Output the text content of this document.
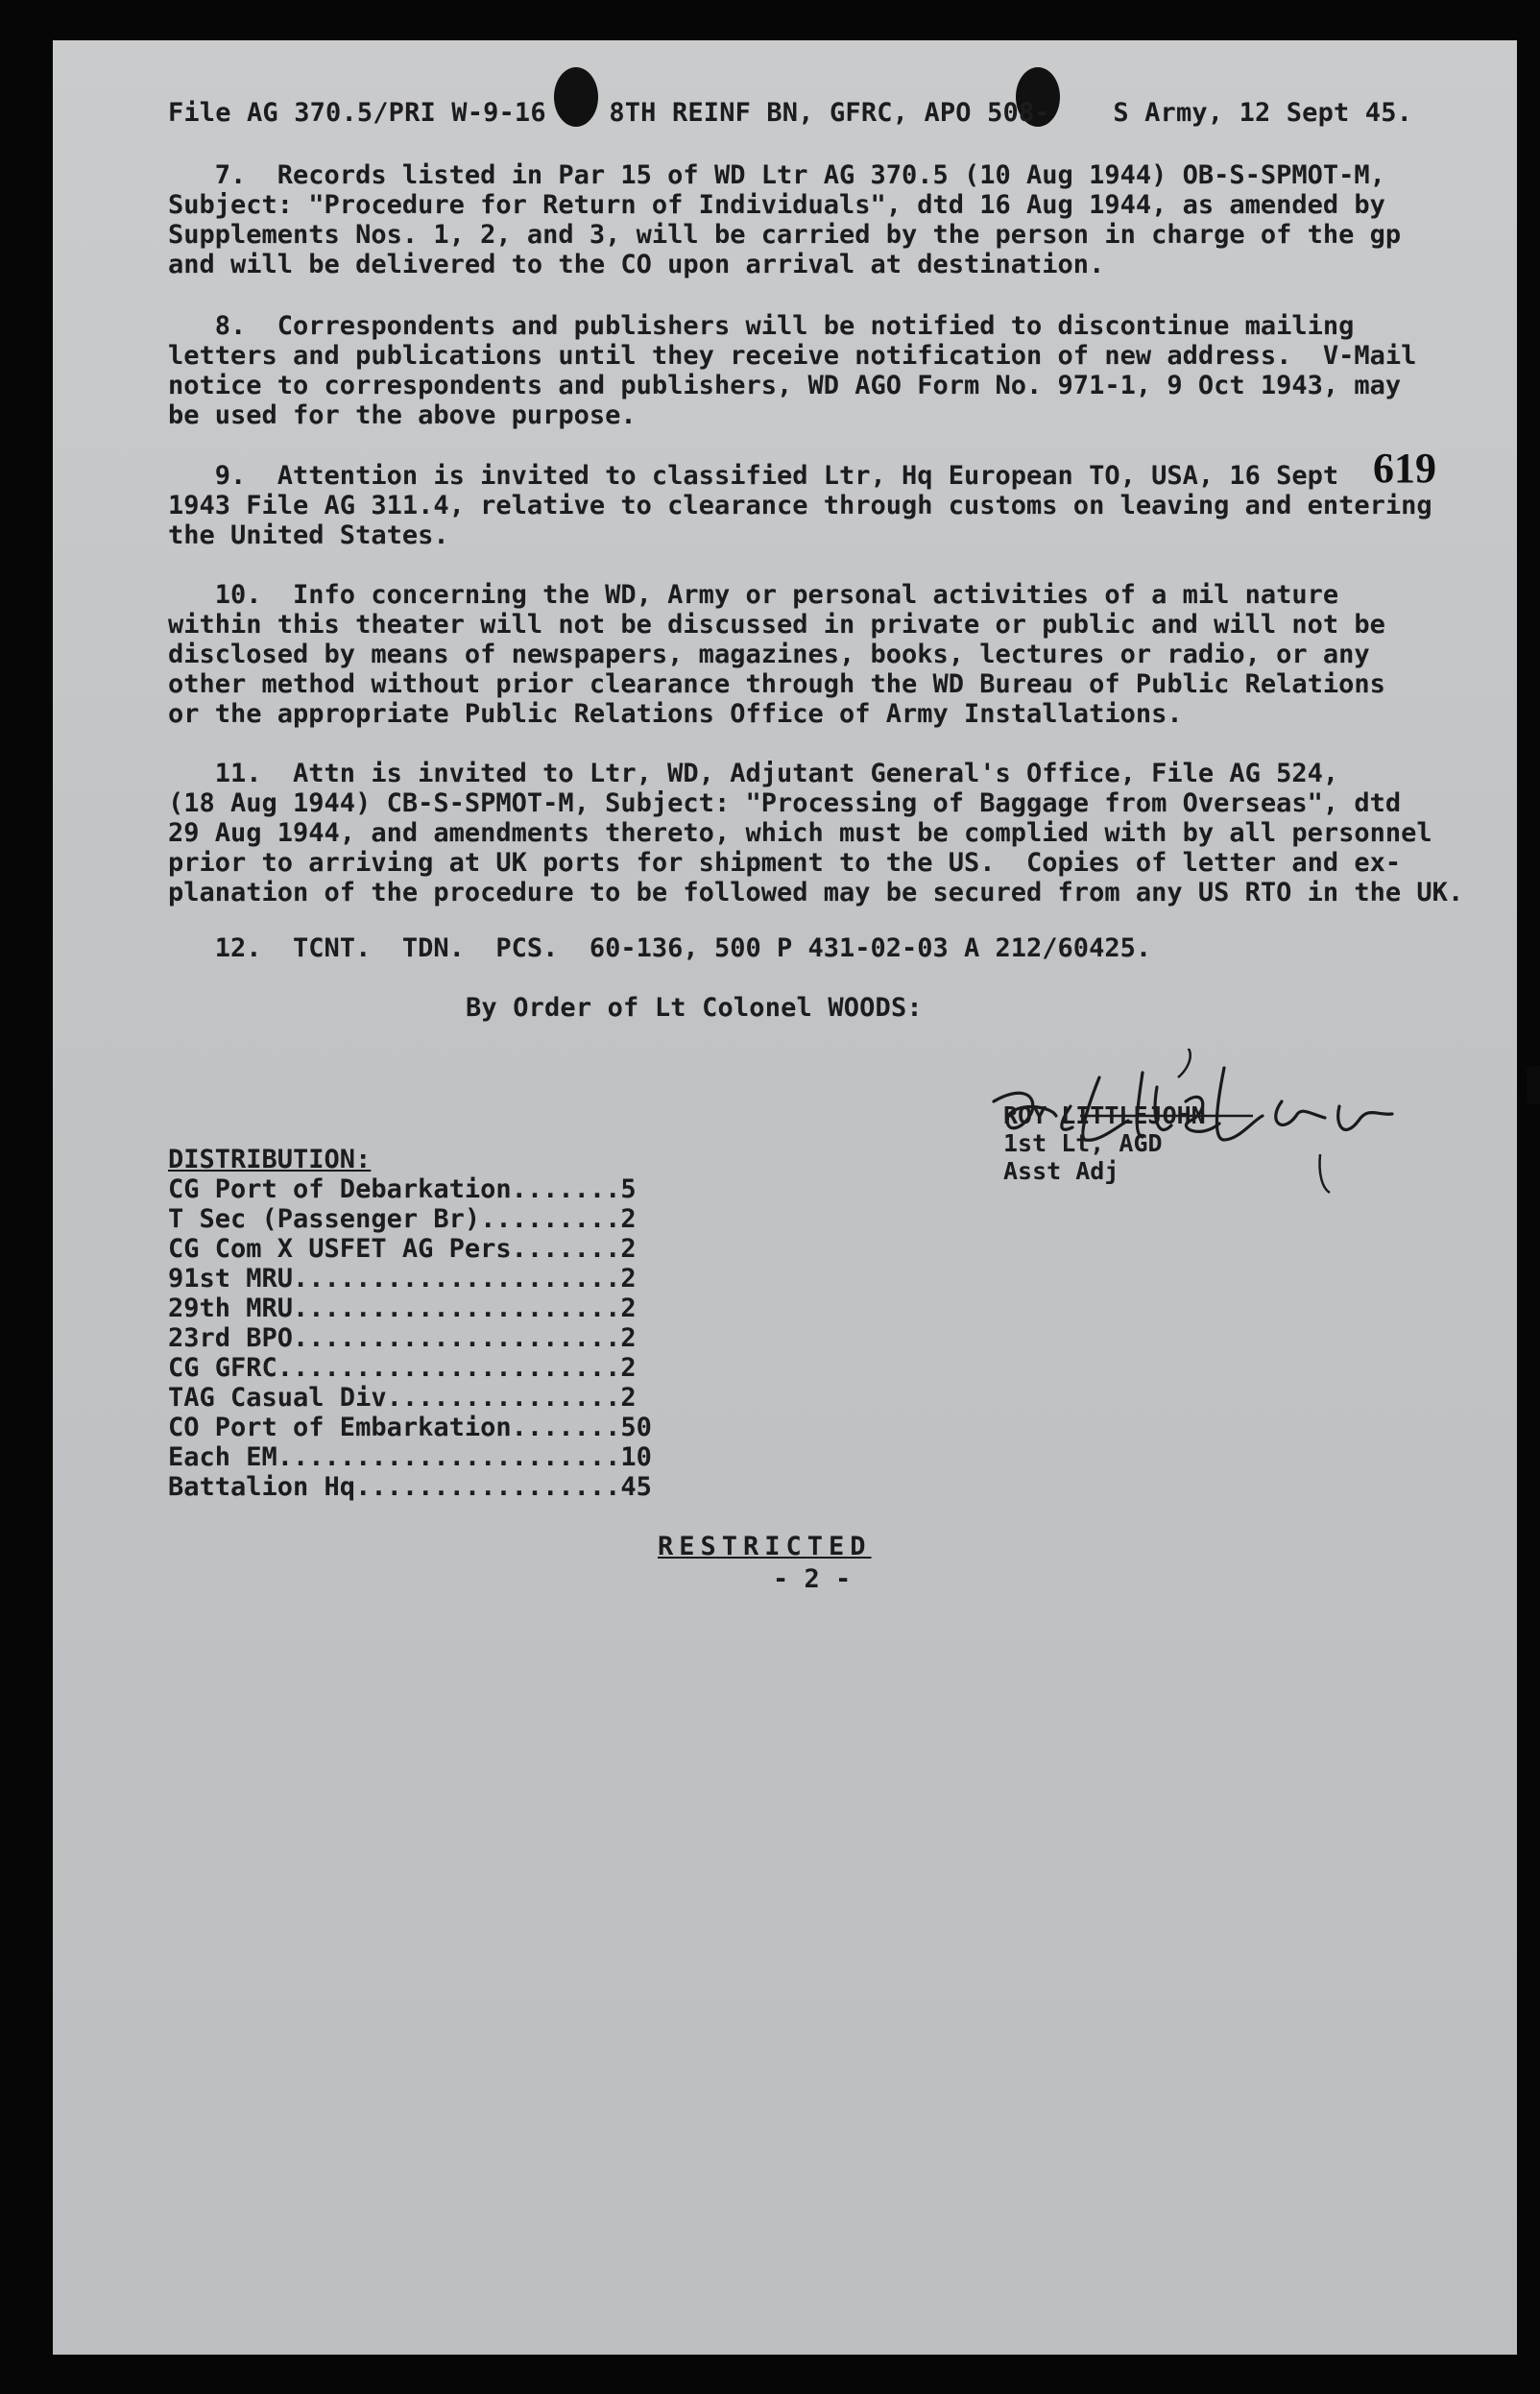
File AG 370.5/PRI W-9-16    8TH REINF BN, GFRC, APO 508-    S Army, 12 Sept 45.
619
7.  Records listed in Par 15 of WD Ltr AG 370.5 (10 Aug 1944) OB-S-SPMOT-M,
Subject: "Procedure for Return of Individuals", dtd 16 Aug 1944, as amended by
Supplements Nos. 1, 2, and 3, will be carried by the person in charge of the gp
and will be delivered to the CO upon arrival at destination.
8.  Correspondents and publishers will be notified to discontinue mailing
letters and publications until they receive notification of new address.  V-Mail
notice to correspondents and publishers, WD AGO Form No. 971-1, 9 Oct 1943, may
be used for the above purpose.
9.  Attention is invited to classified Ltr, Hq European TO, USA, 16 Sept
1943 File AG 311.4, relative to clearance through customs on leaving and entering
the United States.
10.  Info concerning the WD, Army or personal activities of a mil nature
within this theater will not be discussed in private or public and will not be
disclosed by means of newspapers, magazines, books, lectures or radio, or any
other method without prior clearance through the WD Bureau of Public Relations
or the appropriate Public Relations Office of Army Installations.
11.  Attn is invited to Ltr, WD, Adjutant General's Office, File AG 524,
(18 Aug 1944) CB-S-SPMOT-M, Subject: "Processing of Baggage from Overseas", dtd
29 Aug 1944, and amendments thereto, which must be complied with by all personnel
prior to arriving at UK ports for shipment to the US.  Copies of letter and ex-
planation of the procedure to be followed may be secured from any US RTO in the UK.
12.  TCNT.  TDN.  PCS.  60-136, 500 P 431-02-03 A 212/60425.
By Order of Lt Colonel WOODS:
ROY LITTLEJOHN
1st Lt, AGD
Asst Adj
DISTRIBUTION:
CG Port of Debarkation.......5
T Sec (Passenger Br).........2
CG Com X USFET AG Pers.......2
91st MRU.....................2
29th MRU.....................2
23rd BPO.....................2
CG GFRC......................2
TAG Casual Div...............2
CO Port of Embarkation.......50
Each EM......................10
Battalion Hq.................45
RESTRICTED
- 2 -
